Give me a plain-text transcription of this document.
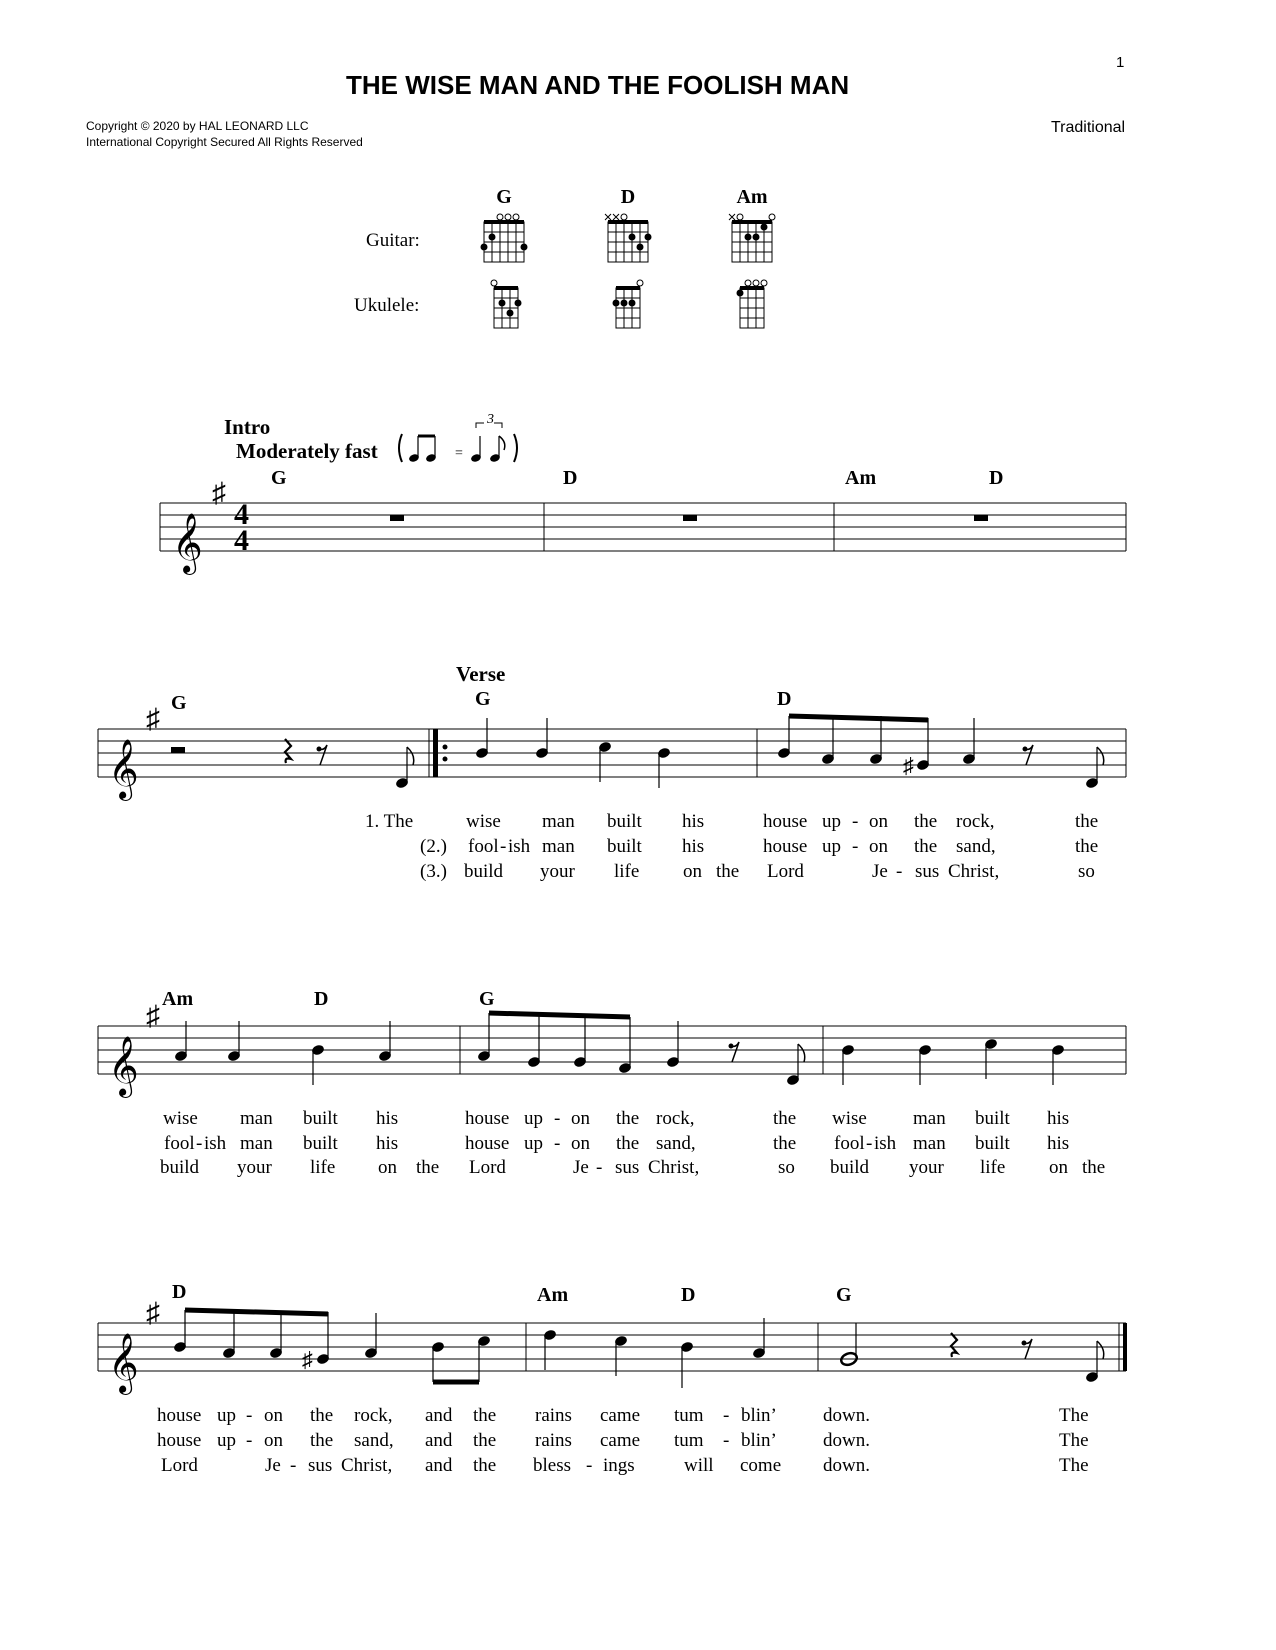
1
THE WISE MAN AND THE FOOLISH MAN
Copyright © 2020 by HAL LEONARD LLC
International Copyright Secured All Rights Reserved
Traditional
Guitar:
Ukulele:
G	D	Am
Intro
Moderately fast	=
3
G	D	Am	D
𝄞
♯
4
4
Verse
G	G	D
𝄞
♯
♯
1. The	wise man built his	house up - on the rock,	the
(2.) fool - ish man built his	house up - on the sand,	the
(3.) build your life on the Lord	Je - sus Christ,	so
Am	D	G
𝄞
♯
wise man built his	house up - on the rock,	the wise man built his
fool - ish man built his	house up - on the sand,	the fool - ish man built his
build your life on the Lord	Je - sus Christ,	so build your life on the
D	Am	D	G
𝄞
♯
♯
house up - on the rock, and the rains came tum - blin’ down.	The
house up - on the sand, and the rains came tum - blin’ down.	The
Lord	Je - sus Christ, and the bless - ings	will come down.	The
